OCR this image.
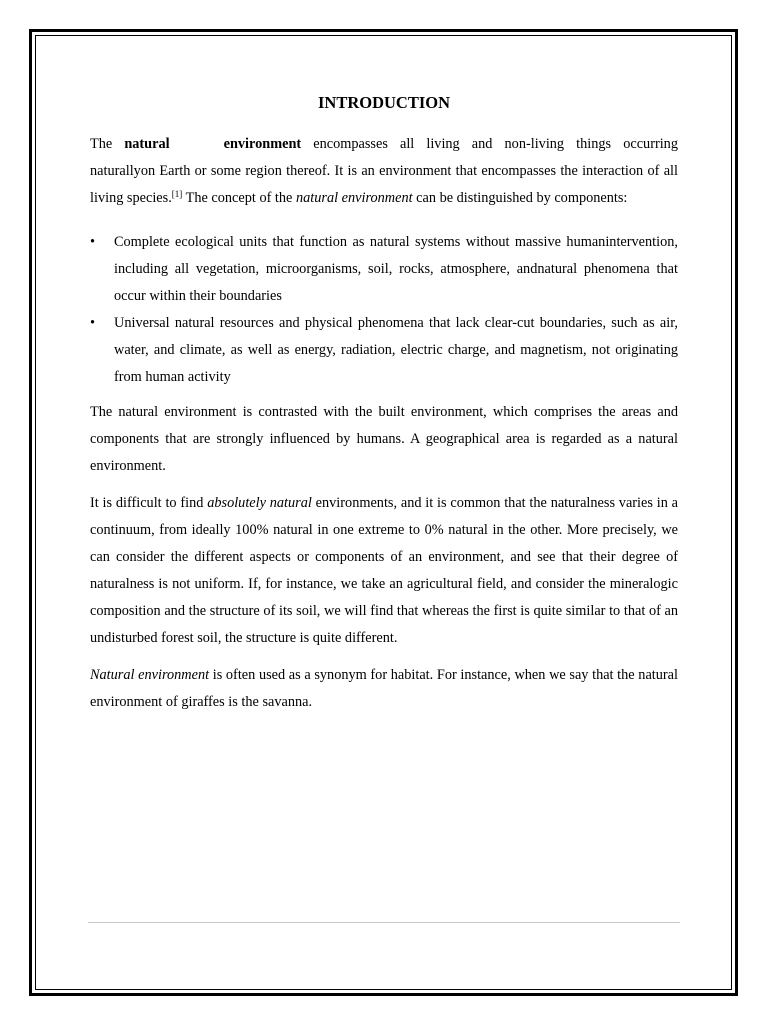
INTRODUCTION

The natural	environment encompasses all living and non-living things occurring naturallyon Earth or some region thereof. It is an environment that encompasses the interaction of all living species.[1] The concept of the natural environment can be distinguished by components:

• Complete ecological units that function as natural systems without massive humanintervention, including all vegetation, microorganisms, soil, rocks, atmosphere, andnatural phenomena that occur within their boundaries
• Universal natural resources and physical phenomena that lack clear-cut boundaries, such as air, water, and climate, as well as energy, radiation, electric charge, and magnetism, not originating from human activity

The natural environment is contrasted with the built environment, which comprises the areas and components that are strongly influenced by humans. A geographical area is regarded as a natural environment.

It is difficult to find absolutely natural environments, and it is common that the naturalness varies in a continuum, from ideally 100% natural in one extreme to 0% natural in the other. More precisely, we can consider the different aspects or components of an environment, and see that their degree of naturalness is not uniform. If, for instance, we take an agricultural field, and consider the mineralogic composition and the structure of its soil, we will find that whereas the first is quite similar to that of an undisturbed forest soil, the structure is quite different.

Natural environment is often used as a synonym for habitat. For instance, when we say that the natural environment of giraffes is the savanna.
